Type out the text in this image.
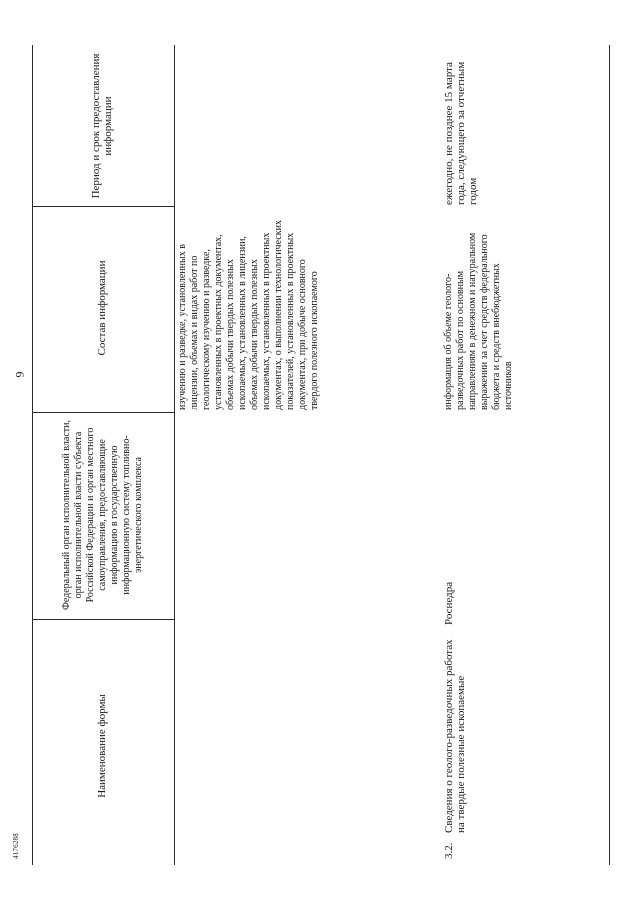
9
4176288
Наименование формы
Федеральный орган исполнительной власти, орган исполнительной власти субъекта Российской Федерации и орган местного самоуправления, предоставляющие информацию в государственную информационную систему топливно-энергетического комплекса
Состав информации
Период и срок предоставления информации
изучению и разведке, установленных в лицензии, объемах и видах работ по геологическому изучению и разведке, установленных в проектных документах, объемах добычи твердых полезных ископаемых, установленных в лицензии, объемах добычи твердых полезных ископаемых, установленных в проектных документах, о выполнении технологических показателей, установленных в проектных документах, при добыче основного твердого полезного ископаемого
3.2.
Сведения о геолого-разведочных работах на твердые полезные ископаемые
Роснедра
информация об объеме геолого-разведочных работ по основным направлениям в денежном и натуральном выражении за счет средств федерального бюджета и средств внебюджетных источников
ежегодно, не позднее 15 марта года, следующего за отчетным годом
